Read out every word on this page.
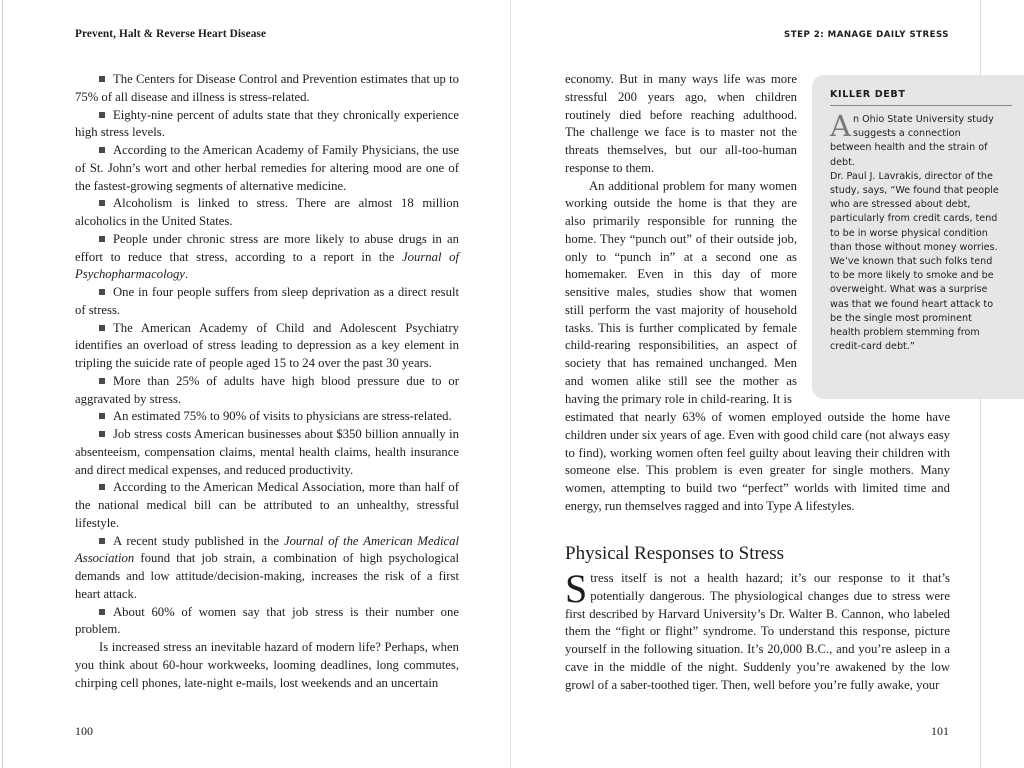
Prevent, Halt & Reverse Heart Disease

The Centers for Disease Control and Prevention estimates that up to 75% of all disease and illness is stress-related.

Eighty-nine percent of adults state that they chronically experience high stress levels.

According to the American Academy of Family Physicians, the use of St. John’s wort and other herbal remedies for altering mood are one of the fastest-growing segments of alternative medicine.

Alcoholism is linked to stress. There are almost 18 million alcoholics in the United States.

People under chronic stress are more likely to abuse drugs in an effort to reduce that stress, according to a report in the Journal of Psychopharmacology.

One in four people suffers from sleep deprivation as a direct result of stress.

The American Academy of Child and Adolescent Psychiatry identifies an overload of stress leading to depression as a key element in tripling the suicide rate of people aged 15 to 24 over the past 30 years.

More than 25% of adults have high blood pressure due to or aggravated by stress.

An estimated 75% to 90% of visits to physicians are stress-related.

Job stress costs American businesses about $350 billion annually in absenteeism, compensation claims, mental health claims, health insurance and direct medical expenses, and reduced productivity.

According to the American Medical Association, more than half of the national medical bill can be attributed to an unhealthy, stressful lifestyle.

A recent study published in the Journal of the American Medical Association found that job strain, a combination of high psychological demands and low attitude/decision-making, increases the risk of a first heart attack.

About 60% of women say that job stress is their number one problem.

Is increased stress an inevitable hazard of modern life? Perhaps, when you think about 60-hour workweeks, looming deadlines, long commutes, chirping cell phones, late-night e-mails, lost weekends and an uncertain

100
STEP 2: MANAGE DAILY STRESS
101

economy. But in many ways life was more stressful 200 years ago, when children routinely died before reaching adulthood. The challenge we face is to master not the threats themselves, but our all-too-human response to them.

An additional problem for many women working outside the home is that they are also primarily responsible for running the home. They “punch out” of their outside job, only to “punch in” at a second one as homemaker. Even in this day of more sensitive males, studies show that women still perform the vast majority of household tasks. This is further complicated by female child-rearing responsibilities, an aspect of society that has remained unchanged. Men and women alike still see the mother as having the primary role in child-rearing. It is

estimated that nearly 63% of women employed outside the home have children under six years of age. Even with good child care (not always easy to find), working women often feel guilty about leaving their children with someone else. This problem is even greater for single mothers. Many women, attempting to build two “perfect” worlds with limited time and energy, run themselves ragged and into Type A lifestyles.

Physical Responses to Stress

Stress itself is not a health hazard; it’s our response to it that’s potentially dangerous. The physiological changes due to stress were first described by Harvard University’s Dr. Walter B. Cannon, who labeled them the “fight or flight” syndrome. To understand this response, picture yourself in the following situation. It’s 20,000 B.C., and you’re asleep in a cave in the middle of the night. Suddenly you’re awakened by the low growl of a saber-toothed tiger. Then, well before you’re fully awake, your

KILLER DEBT

An Ohio State University study suggests a connection between health and the strain of debt.

Dr. Paul J. Lavrakis, director of the study, says, “We found that people who are stressed about debt, particularly from credit cards, tend to be in worse physical condition than those without money worries. We’ve known that such folks tend to be more likely to smoke and be overweight. What was a surprise was that we found heart attack to be the single most prominent health problem stemming from credit-card debt.”
